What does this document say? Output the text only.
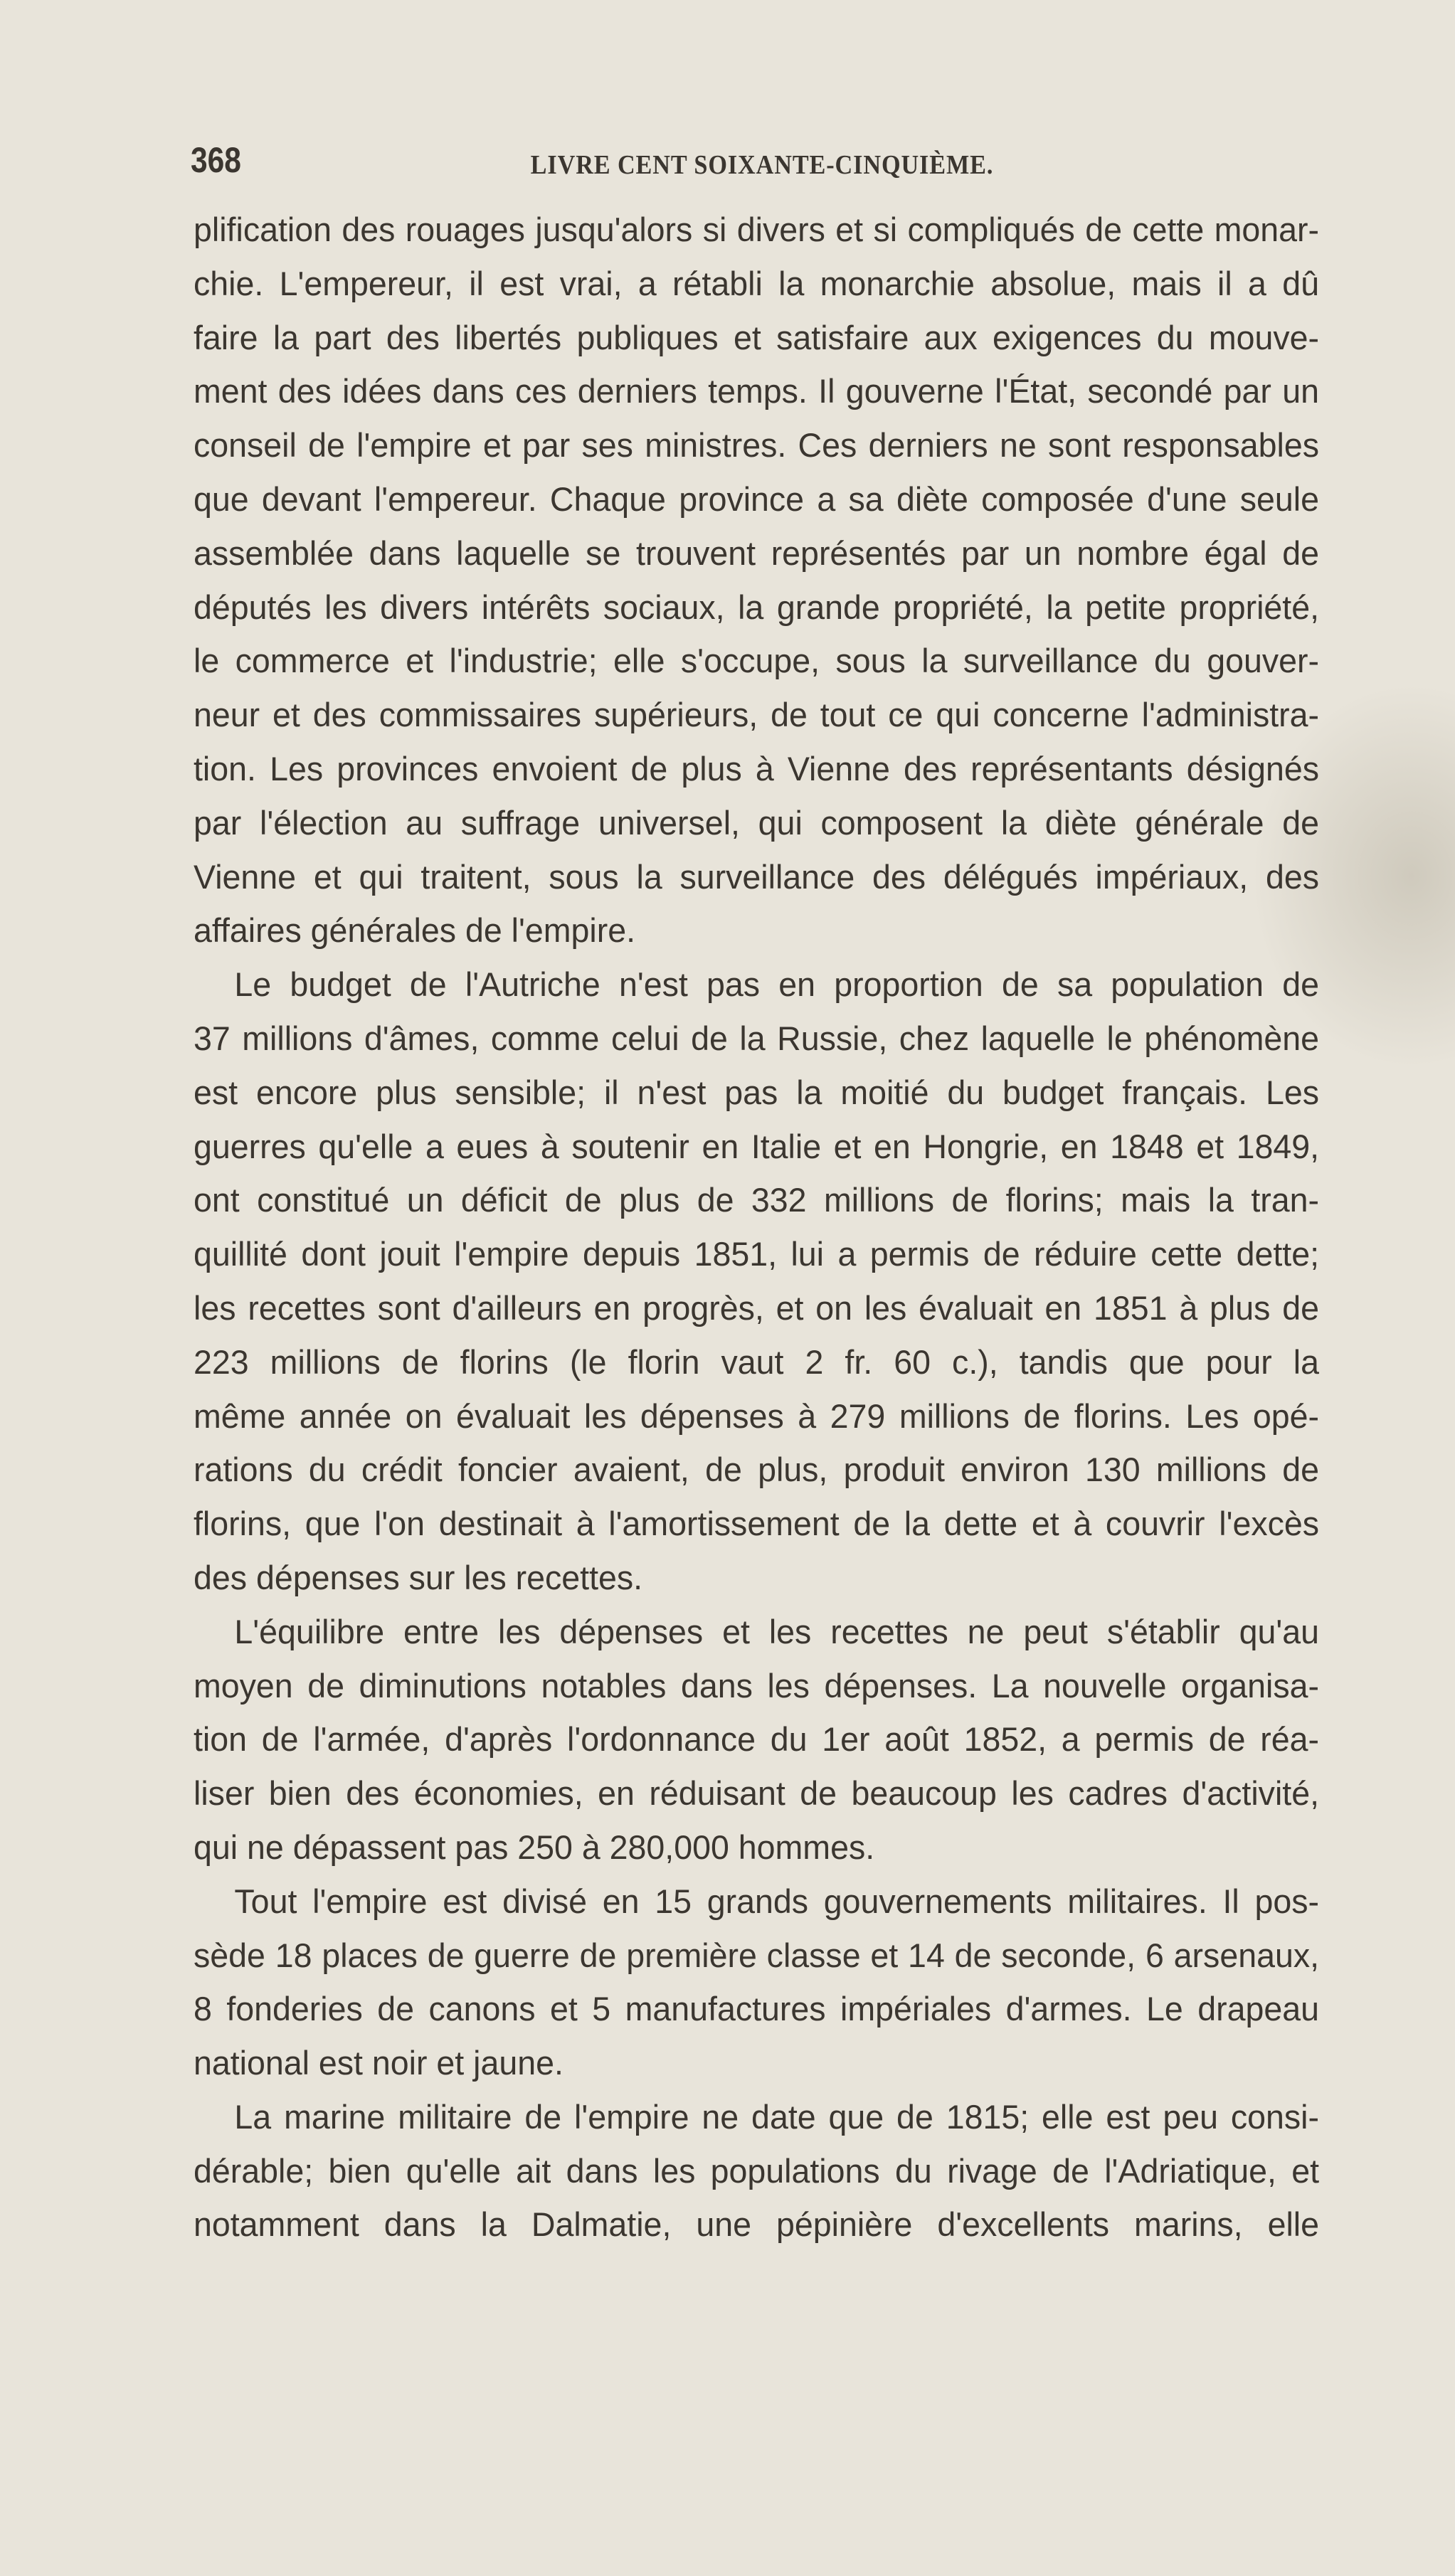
368	LIVRE CENT SOIXANTE-CINQUIÈME.
plification des rouages jusqu'alors si divers et si compliqués de cette monar-
chie. L'empereur, il est vrai, a rétabli la monarchie absolue, mais il a dû
faire la part des libertés publiques et satisfaire aux exigences du mouve-
ment des idées dans ces derniers temps. Il gouverne l'État, secondé par un
conseil de l'empire et par ses ministres. Ces derniers ne sont responsables
que devant l'empereur. Chaque province a sa diète composée d'une seule
assemblée dans laquelle se trouvent représentés par un nombre égal de
députés les divers intérêts sociaux, la grande propriété, la petite propriété,
le commerce et l'industrie; elle s'occupe, sous la surveillance du gouver-
neur et des commissaires supérieurs, de tout ce qui concerne l'administra-
tion. Les provinces envoient de plus à Vienne des représentants désignés
par l'élection au suffrage universel, qui composent la diète générale de
Vienne et qui traitent, sous la surveillance des délégués impériaux, des
affaires générales de l'empire.
Le budget de l'Autriche n'est pas en proportion de sa population de
37 millions d'âmes, comme celui de la Russie, chez laquelle le phénomène
est encore plus sensible; il n'est pas la moitié du budget français. Les
guerres qu'elle a eues à soutenir en Italie et en Hongrie, en 1848 et 1849,
ont constitué un déficit de plus de 332 millions de florins; mais la tran-
quillité dont jouit l'empire depuis 1851, lui a permis de réduire cette dette;
les recettes sont d'ailleurs en progrès, et on les évaluait en 1851 à plus de
223 millions de florins (le florin vaut 2 fr. 60 c.), tandis que pour la
même année on évaluait les dépenses à 279 millions de florins. Les opé-
rations du crédit foncier avaient, de plus, produit environ 130 millions de
florins, que l'on destinait à l'amortissement de la dette et à couvrir l'excès
des dépenses sur les recettes.
L'équilibre entre les dépenses et les recettes ne peut s'établir qu'au
moyen de diminutions notables dans les dépenses. La nouvelle organisa-
tion de l'armée, d'après l'ordonnance du 1er août 1852, a permis de réa-
liser bien des économies, en réduisant de beaucoup les cadres d'activité,
qui ne dépassent pas 250 à 280,000 hommes.
Tout l'empire est divisé en 15 grands gouvernements militaires. Il pos-
sède 18 places de guerre de première classe et 14 de seconde, 6 arsenaux,
8 fonderies de canons et 5 manufactures impériales d'armes. Le drapeau
national est noir et jaune.
La marine militaire de l'empire ne date que de 1815; elle est peu consi-
dérable; bien qu'elle ait dans les populations du rivage de l'Adriatique, et
notamment dans la Dalmatie, une pépinière d'excellents marins, elle
